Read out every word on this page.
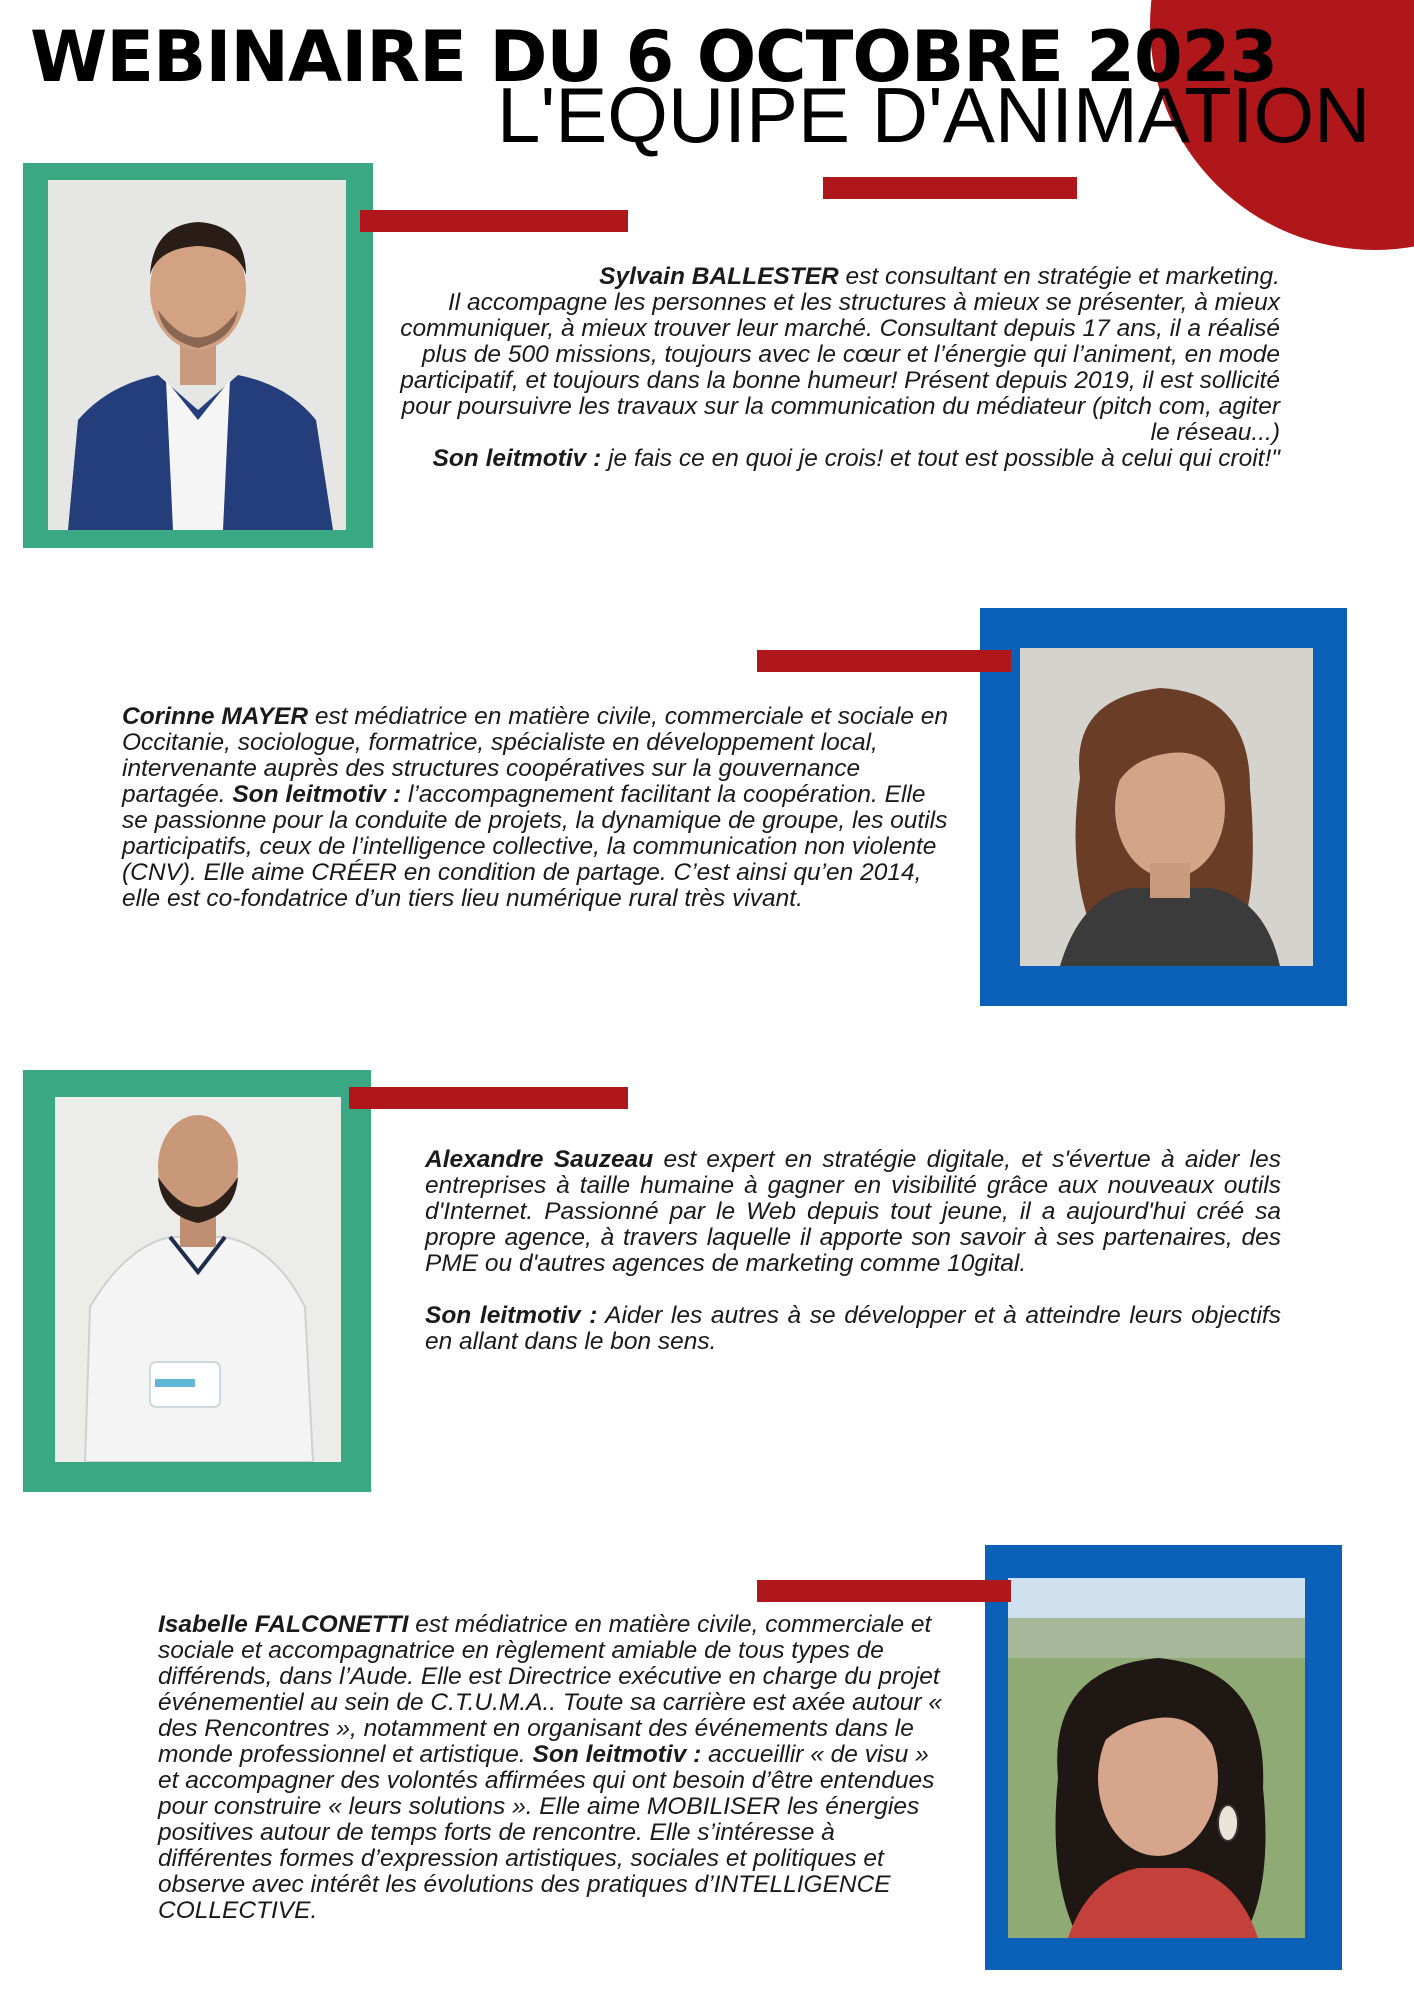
WEBINAIRE DU 6 OCTOBRE 2023
L'EQUIPE D'ANIMATION

Sylvain BALLESTER est consultant en stratégie et marketing.
Il accompagne les personnes et les structures à mieux se présenter, à mieux communiquer, à mieux trouver leur marché. Consultant depuis 17 ans, il a réalisé plus de 500 missions, toujours avec le cœur et l’énergie qui l’animent, en mode participatif, et toujours dans la bonne humeur! Présent depuis 2019, il est sollicité pour poursuivre les travaux sur la communication du médiateur (pitch com, agiter le réseau...)
Son leitmotiv : je fais ce en quoi je crois! et tout est possible à celui qui croit!"

Corinne MAYER est médiatrice en matière civile, commerciale et sociale en Occitanie, sociologue, formatrice, spécialiste en développement local, intervenante auprès des structures coopératives sur la gouvernance partagée. Son leitmotiv : l’accompagnement facilitant la coopération. Elle se passionne pour la conduite de projets, la dynamique de groupe, les outils participatifs, ceux de l’intelligence collective, la communication non violente (CNV). Elle aime CRÉER en condition de partage. C’est ainsi qu’en 2014, elle est co-fondatrice d’un tiers lieu numérique rural très vivant.

Alexandre Sauzeau est expert en stratégie digitale, et s'évertue à aider les entreprises à taille humaine à gagner en visibilité grâce aux nouveaux outils d'Internet. Passionné par le Web depuis tout jeune, il a aujourd'hui créé sa propre agence, à travers laquelle il apporte son savoir à ses partenaires, des PME ou d'autres agences de marketing comme 10gital.

Son leitmotiv : Aider les autres à se développer et à atteindre leurs objectifs en allant dans le bon sens.

Isabelle FALCONETTI est médiatrice en matière civile, commerciale et sociale et accompagnatrice en règlement amiable de tous types de différends, dans l’Aude. Elle est Directrice exécutive en charge du projet événementiel au sein de C.T.U.M.A.. Toute sa carrière est axée autour « des Rencontres », notamment en organisant des événements dans le monde professionnel et artistique. Son leitmotiv : accueillir « de visu » et accompagner des volontés affirmées qui ont besoin d’être entendues pour construire « leurs solutions ». Elle aime MOBILISER les énergies positives autour de temps forts de rencontre. Elle s’intéresse à différentes formes d’expression artistiques, sociales et politiques et observe avec intérêt les évolutions des pratiques d’INTELLIGENCE COLLECTIVE.
